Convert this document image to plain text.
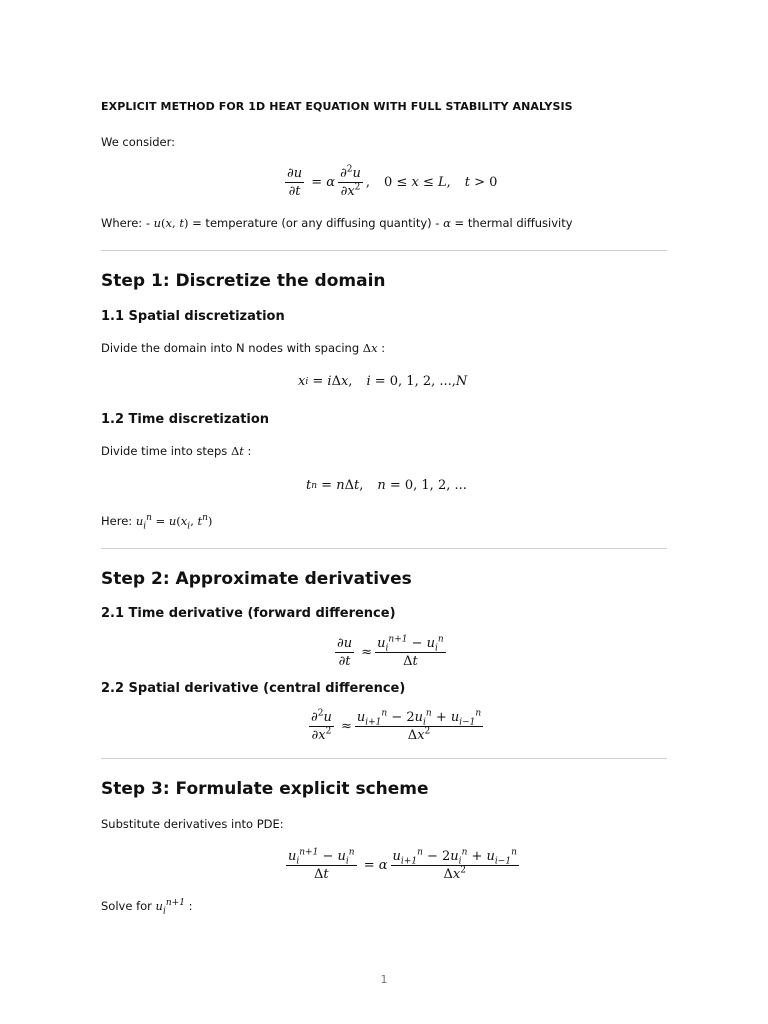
EXPLICIT METHOD FOR 1D HEAT EQUATION WITH FULL STABILITY ANALYSIS
We consider:
$\frac{\partial u}{\partial t} = \alpha \frac{\partial^2u}{\partial x^2}$ , 0 ≤ x ≤ L , t > 0
Where: - u(x, t) = temperature (or any diffusing quantity) - α = thermal diffusivity
Step 1: Discretize the domain
1.1 Spatial discretization
Divide the domain into N nodes with spacing Δx :
x i = i Δ x , i = 0, 1, 2, ..., N
1.2 Time discretization
Divide time into steps Δt :
t n = n Δ t , n = 0, 1, 2, ...
Here: $u_i^n = u(x_i$, $t^n$)
Step 2: Approximate derivatives
2.1 Time derivative (forward difference)
$\frac{\partial u}{\partial t} \approx \frac{u_i^{n+1} - u_i^n}{\Delta t}$
2.2 Spatial derivative (central difference)
$\frac{\partial^2u}{\partial x^2} \approx \frac{u_{i+1}^n - 2u_i^n + u_{i-1}^n}{\Delta x^2}$
Step 3: Formulate explicit scheme
Substitute derivatives into PDE:
$\frac{u_i^{n+1} - u_i^n}{\Delta t} = \alpha \frac{u_{i+1}^n - 2u_i^n + u_{i-1}^n}{\Delta x^2}$
Solve for $u_i^{n+1}$ :
1
